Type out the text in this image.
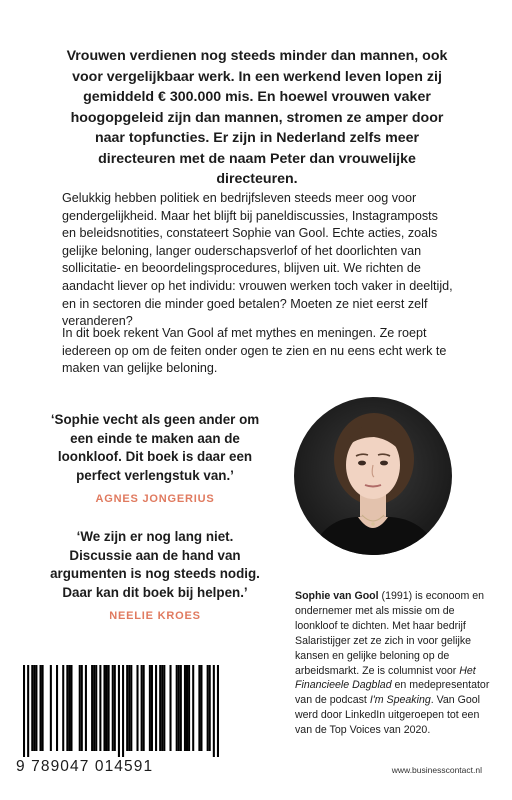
Vrouwen verdienen nog steeds minder dan mannen, ook voor vergelijkbaar werk. In een werkend leven lopen zij gemiddeld € 300.000 mis. En hoewel vrouwen vaker hoogopgeleid zijn dan mannen, stromen ze amper door naar topfuncties. Er zijn in Nederland zelfs meer directeuren met de naam Peter dan vrouwelijke directeuren.

Gelukkig hebben politiek en bedrijfsleven steeds meer oog voor gendergelijkheid. Maar het blijft bij paneldiscussies, Instagramposts en beleidsnotities, constateert Sophie van Gool. Echte acties, zoals gelijke beloning, langer ouderschapsverlof of het doorlichten van sollicitatie- en beoordelingsprocedures, blijven uit. We richten de aandacht liever op het individu: vrouwen werken toch vaker in deeltijd, en in sectoren die minder goed betalen? Moeten ze niet eerst zelf veranderen?

In dit boek rekent Van Gool af met mythes en meningen. Ze roept iedereen op om de feiten onder ogen te zien en nu eens echt werk te maken van gelijke beloning.

‘Sophie vecht als geen ander om een einde te maken aan de loonkloof. Dit boek is daar een perfect verlengstuk van.’

AGNES JONGERIUS

‘We zijn er nog lang niet. Discussie aan de hand van argumenten is nog steeds nodig. Daar kan dit boek bij helpen.’

NEELIE KROES

Sophie van Gool (1991) is econoom en ondernemer met als missie om de loonkloof te dichten. Met haar bedrijf Salaristijger zet ze zich in voor gelijke kansen en gelijke beloning op de arbeidsmarkt. Ze is columnist voor Het Financieele Dagblad en medepresentator van de podcast I'm Speaking. Van Gool werd door LinkedIn uitgeroepen tot een van de Top Voices van 2020.

9 789047 014591	www.businesscontact.nl
